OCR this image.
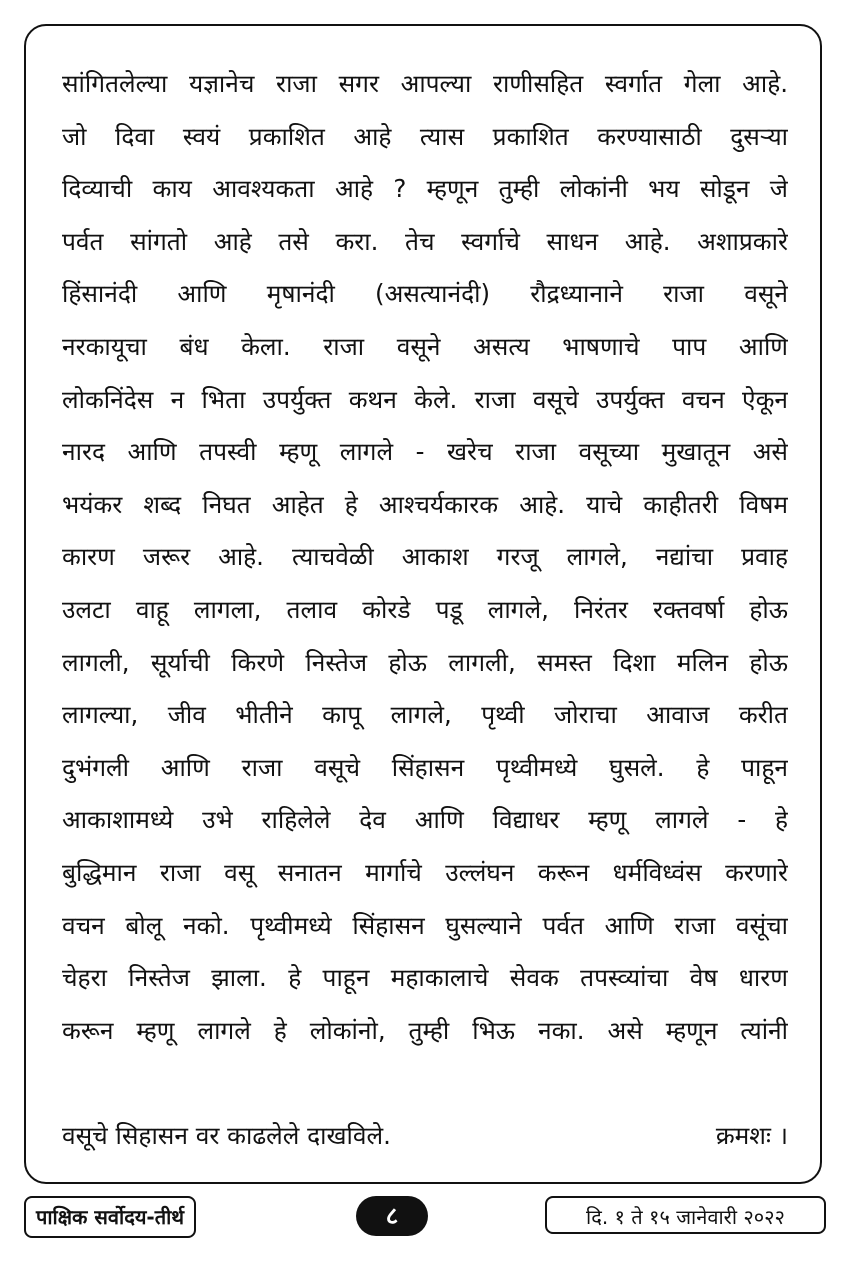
सांगितलेल्या यज्ञानेच राजा सगर आपल्या राणीसहित स्वर्गात गेला आहे.
जो दिवा स्वयं प्रकाशित आहे त्यास प्रकाशित करण्यासाठी दुसऱ्या
दिव्याची काय आवश्यकता आहे ? म्हणून तुम्ही लोकांनी भय सोडून जे
पर्वत सांगतो आहे तसे करा. तेच स्वर्गाचे साधन आहे. अशाप्रकारे
हिंसानंदी आणि मृषानंदी (असत्यानंदी) रौद्रध्यानाने राजा वसूने
नरकायूचा बंध केला. राजा वसूने असत्य भाषणाचे पाप आणि
लोकनिंदेस न भिता उपर्युक्त कथन केले. राजा वसूचे उपर्युक्त वचन ऐकून
नारद आणि तपस्वी म्हणू लागले - खरेच राजा वसूच्या मुखातून असे
भयंकर शब्द निघत आहेत हे आश्चर्यकारक आहे. याचे काहीतरी विषम
कारण जरूर आहे. त्याचवेळी आकाश गरजू लागले, नद्यांचा प्रवाह
उलटा वाहू लागला, तलाव कोरडे पडू लागले, निरंतर रक्तवर्षा होऊ
लागली, सूर्याची किरणे निस्तेज होऊ लागली, समस्त दिशा मलिन होऊ
लागल्या, जीव भीतीने कापू लागले, पृथ्वी जोराचा आवाज करीत
दुभंगली आणि राजा वसूचे सिंहासन पृथ्वीमध्ये घुसले. हे पाहून
आकाशामध्ये उभे राहिलेले देव आणि विद्याधर म्हणू लागले - हे
बुद्धिमान राजा वसू सनातन मार्गाचे उल्लंघन करून धर्मविध्वंस करणारे
वचन बोलू नको. पृथ्वीमध्ये सिंहासन घुसल्याने पर्वत आणि राजा वसूंचा
चेहरा निस्तेज झाला. हे पाहून महाकालाचे सेवक तपस्व्यांचा वेष धारण
करून म्हणू लागले हे लोकांनो, तुम्ही भिऊ नका. असे म्हणून त्यांनी
वसूचे सिहासन वर काढलेले दाखविले.	क्रमशः ।
पाक्षिक सर्वोदय-तीर्थ	८	दि. १ ते १५ जानेवारी २०२२
